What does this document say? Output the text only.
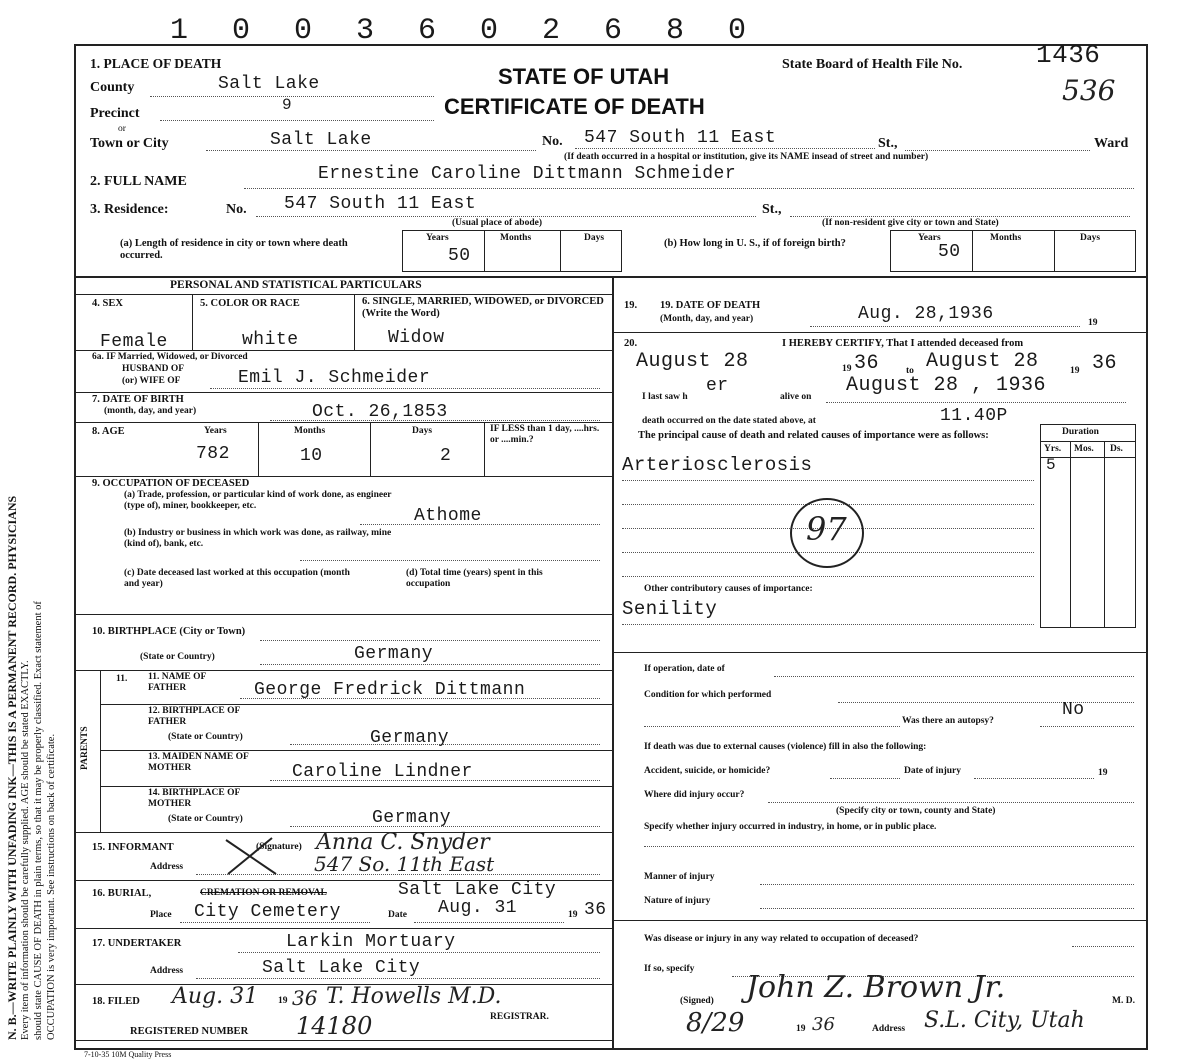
1 0 0 3 6 0 2 6 8 0
N. B.—WRITE PLAINLY WITH UNFADING INK—THIS IS A PERMANENT RECORD. PHYSICIANS Every item of information should be carefully supplied. AGE should be stated EXACTLY. should state CAUSE OF DEATH in plain terms, so that it may be properly classified. Exact statement of OCCUPATION is very important. See instructions on back of certificate.
STATE OF UTAH
CERTIFICATE OF DEATH
State Board of Health File No.	1436
536
1. PLACE OF DEATH
County	Salt Lake
Precinct	9
or
Town or City	Salt Lake	No. 547 South 11 East	St.,	Ward
(If death occurred in a hospital or institution, give its NAME insead of street and number)
2. FULL NAME	Ernestine Caroline Dittmann Schmeider
3. Residence:	No. 547 South 11 East	St.,
(Usual place of abode)	(If non-resident give city or town and State)
(a) Length of residence in city or town where death occurred.
Years	Months	Days
50
(b) How long in U. S., if of foreign birth?	Years	Months	Days
50
PERSONAL AND STATISTICAL PARTICULARS
4. SEX	5. COLOR OR RACE	6. SINGLE, MARRIED, WIDOWED, or DIVORCED (Write the Word)
Female	white	Widow
6a. IF Married, Widowed, or Divorced
HUSBAND OF
(or) WIFE OF	Emil J. Schmeider
7. DATE OF BIRTH
(month, day, and year)	Oct. 26,1853
8. AGE	Years	Months	Days
782	10	2
IF LESS than 1 day, ....hrs. or ....min.?
9. OCCUPATION OF DECEASED
(a) Trade, profession, or particular kind of work done, as engineer (type of), miner, bookkeeper, etc.	Athome
(b) Industry or business in which work was done, as railway, mine (kind of), bank, etc.
(c) Date deceased last worked at this occupation (month and year)
(d) Total time (years) spent in this occupation
10. BIRTHPLACE (City or Town)
(State or Country)	Germany
PARENTS
11. 11. NAME OF FATHER	George Fredrick Dittmann
12. BIRTHPLACE OF FATHER
(State or Country)	Germany
13. MAIDEN NAME OF MOTHER	Caroline Lindner
14. BIRTHPLACE OF MOTHER
(State or Country)	Germany
15. INFORMANT	(Signature) Anna C. Snyder
Address	547 So. 11th East
16. BURIAL,	CREMATION OR REMOVAL	Salt Lake City
Place City Cemetery	Date Aug. 31	19 36
17. UNDERTAKER	Larkin Mortuary
Address	Salt Lake City
18. FILED Aug. 31 19 36 T. Howells M.D.
REGISTRAR.
REGISTERED NUMBER 14180
7-10-35 10M Quality Press
19. 19. DATE OF DEATH
(Month, day, and year)	Aug. 28,1936	19
20.	I HEREBY CERTIFY, That I attended deceased from
August 28	19 36	to August 28	19 36
I last saw h
er
alive on August 28 , 1936
death occurred on the date stated above, at	11.40P
The principal cause of death and related causes of importance were as follows:	Duration
Yrs. Mos. Ds.
5
Arteriosclerosis
97
Other contributory causes of importance:
Senility
If operation, date of
Condition for which performed
Was there an autopsy?
No
If death was due to external causes (violence) fill in also the following:
Accident, suicide, or homicide?	Date of injury	19
Where did injury occur?
(Specify city or town, county and State)
Specify whether injury occurred in industry, in home, or in public place.
Manner of injury
Nature of injury
Was disease or injury in any way related to occupation of deceased?
If so, specify
(Signed) John Z. Brown Jr.	M. D.
8/29	19 36	Address S.L. City, Utah
